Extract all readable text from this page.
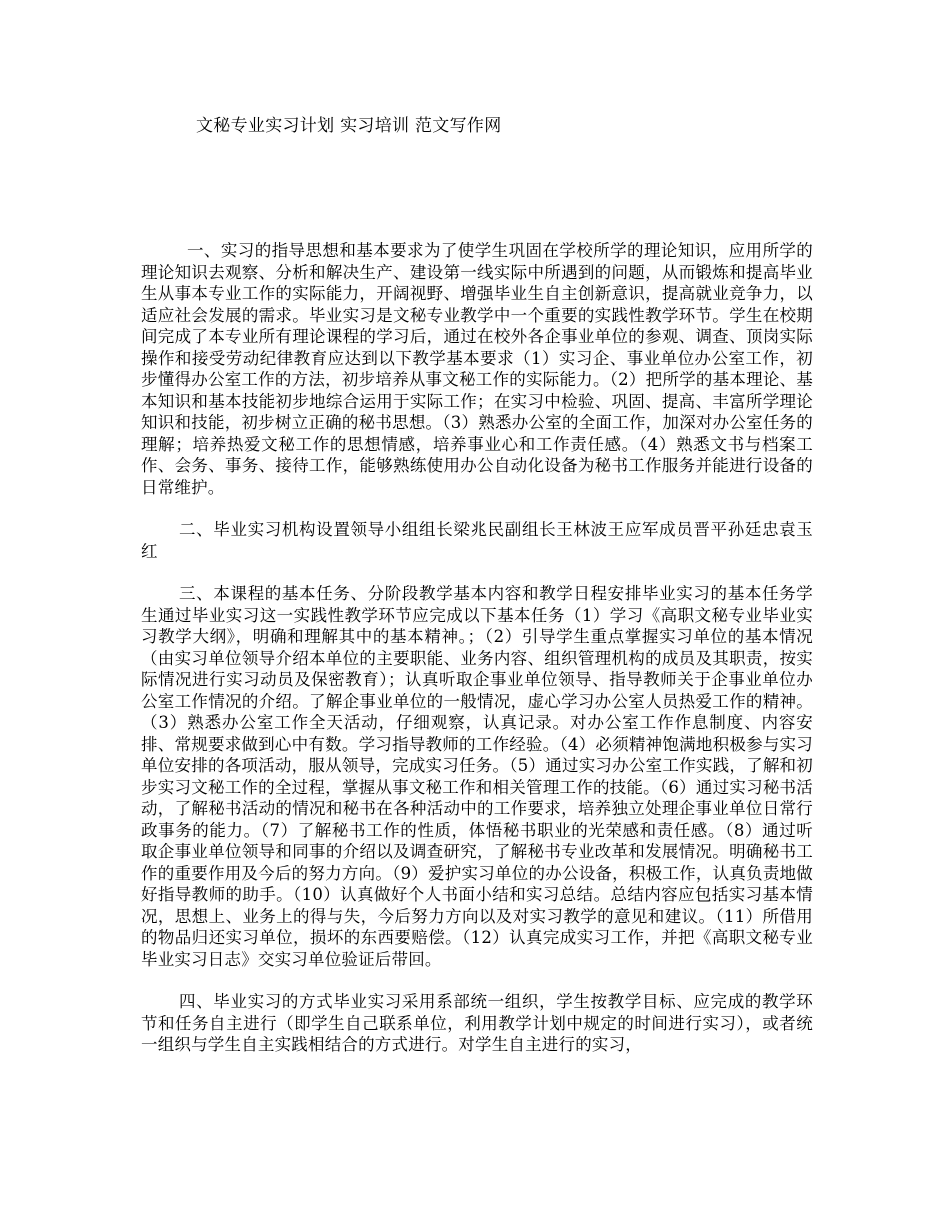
文秘专业实习计划 实习培训 范文写作网

一、实习的指导思想和基本要求为了使学生巩固在学校所学的理论知识，应用所学的理论知识去观察、分析和解决生产、建设第一线实际中所遇到的问题，从而锻炼和提高毕业生从事本专业工作的实际能力，开阔视野、增强毕业生自主创新意识，提高就业竞争力，以适应社会发展的需求。毕业实习是文秘专业教学中一个重要的实践性教学环节。学生在校期间完成了本专业所有理论课程的学习后，通过在校外各企事业单位的参观、调查、顶岗实际操作和接受劳动纪律教育应达到以下教学基本要求（1）实习企、事业单位办公室工作，初步懂得办公室工作的方法，初步培养从事文秘工作的实际能力。（2）把所学的基本理论、基本知识和基本技能初步地综合运用于实际工作；在实习中检验、巩固、提高、丰富所学理论知识和技能，初步树立正确的秘书思想。（3）熟悉办公室的全面工作，加深对办公室任务的理解；培养热爱文秘工作的思想情感，培养事业心和工作责任感。（4）熟悉文书与档案工作、会务、事务、接待工作，能够熟练使用办公自动化设备为秘书工作服务并能进行设备的日常维护。

二、毕业实习机构设置领导小组组长梁兆民副组长王林波王应军成员晋平孙廷忠袁玉红

三、本课程的基本任务、分阶段教学基本内容和教学日程安排毕业实习的基本任务学生通过毕业实习这一实践性教学环节应完成以下基本任务（1）学习《高职文秘专业毕业实习教学大纲》，明确和理解其中的基本精神。；（2）引导学生重点掌握实习单位的基本情况（由实习单位领导介绍本单位的主要职能、业务内容、组织管理机构的成员及其职责，按实际情况进行实习动员及保密教育）；认真听取企事业单位领导、指导教师关于企事业单位办公室工作情况的介绍。了解企事业单位的一般情况，虚心学习办公室人员热爱工作的精神。（3）熟悉办公室工作全天活动，仔细观察，认真记录。对办公室工作作息制度、内容安排、常规要求做到心中有数。学习指导教师的工作经验。（4）必须精神饱满地积极参与实习单位安排的各项活动，服从领导，完成实习任务。（5）通过实习办公室工作实践，了解和初步实习文秘工作的全过程，掌握从事文秘工作和相关管理工作的技能。（6）通过实习秘书活动，了解秘书活动的情况和秘书在各种活动中的工作要求，培养独立处理企事业单位日常行政事务的能力。（7）了解秘书工作的性质，体悟秘书职业的光荣感和责任感。（8）通过听取企事业单位领导和同事的介绍以及调查研究，了解秘书专业改革和发展情况。明确秘书工作的重要作用及今后的努力方向。（9）爱护实习单位的办公设备，积极工作，认真负责地做好指导教师的助手。（10）认真做好个人书面小结和实习总结。总结内容应包括实习基本情况，思想上、业务上的得与失，今后努力方向以及对实习教学的意见和建议。（11）所借用的物品归还实习单位，损坏的东西要赔偿。（12）认真完成实习工作，并把《高职文秘专业毕业实习日志》交实习单位验证后带回。

四、毕业实习的方式毕业实习采用系部统一组织，学生按教学目标、应完成的教学环节和任务自主进行（即学生自己联系单位，利用教学计划中规定的时间进行实习），或者统一组织与学生自主实践相结合的方式进行。对学生自主进行的实习，
